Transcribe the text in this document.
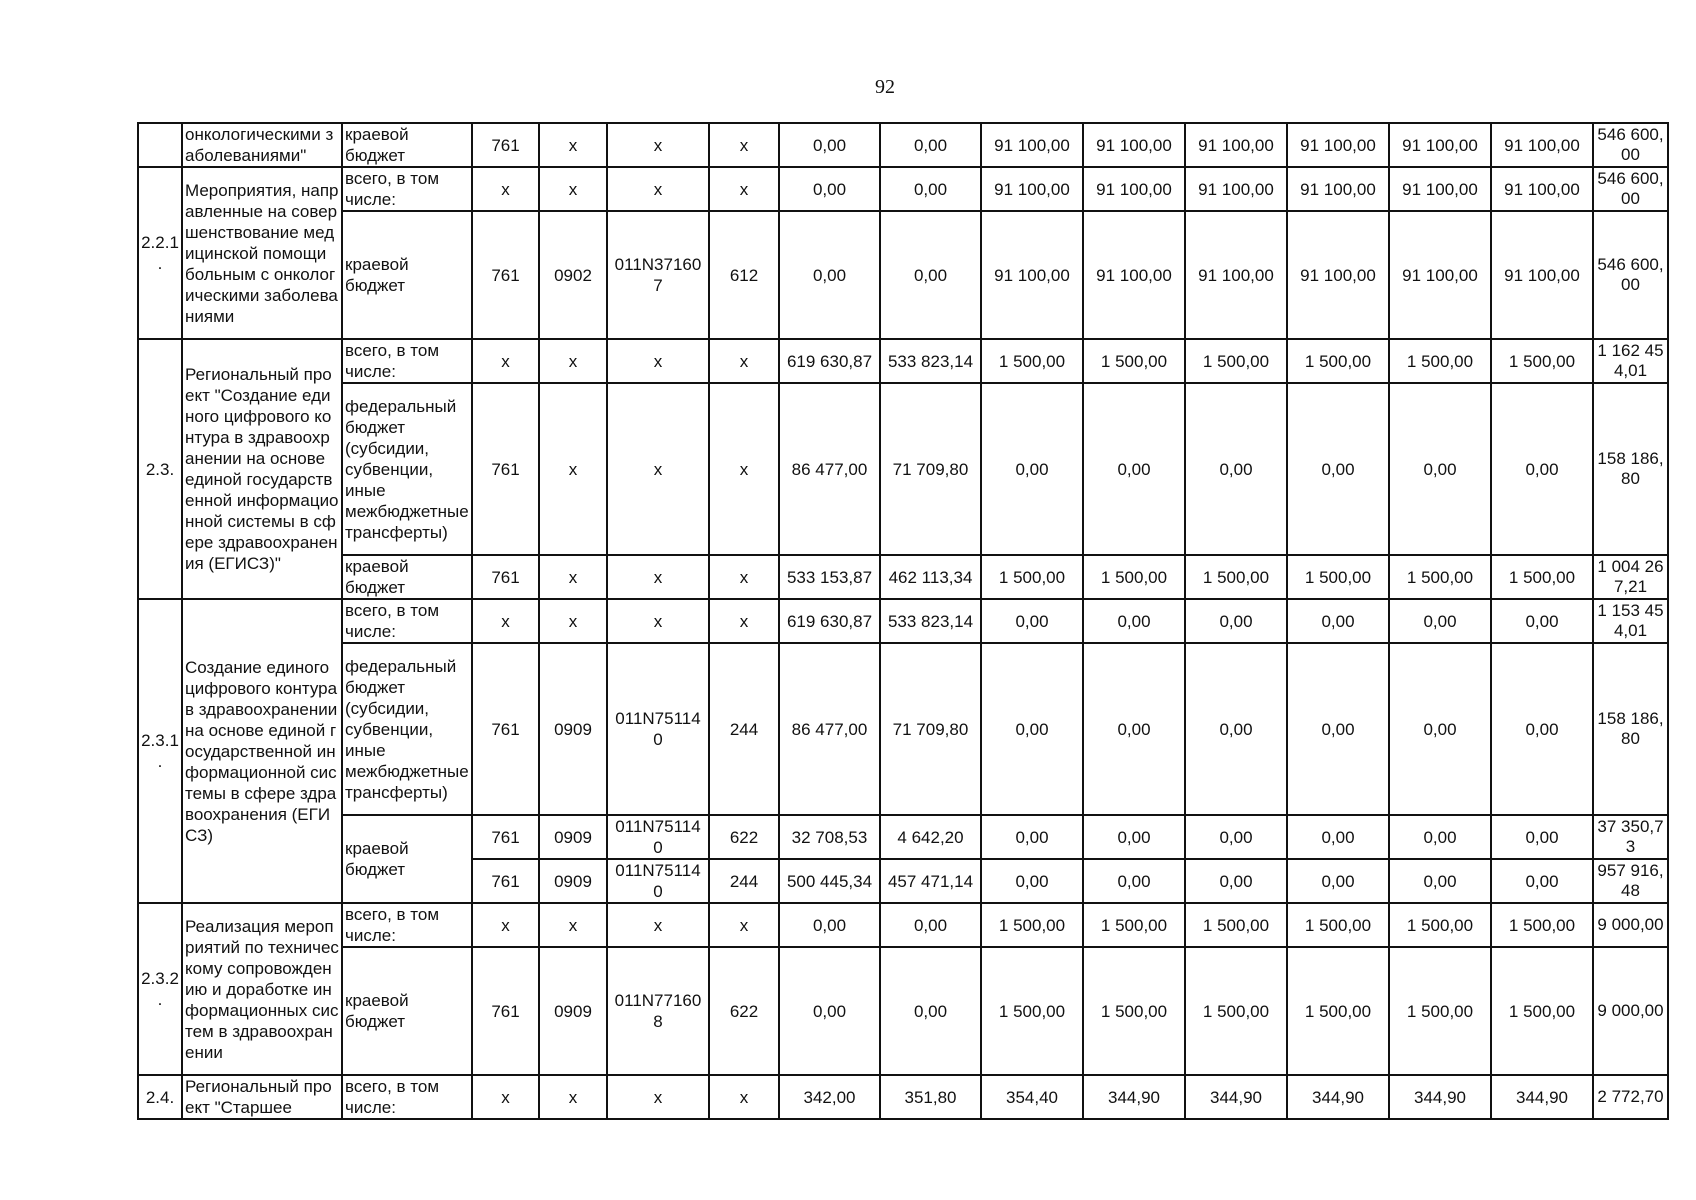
92
	онкологическими заболеваниями"	краевой бюджет	761	x	x	x	0,00	0,00	91 100,00	91 100,00	91 100,00	91 100,00	91 100,00	91 100,00	546 600, 00
2.2.1 .	Мероприятия, направленные на совершенствование медицинской помощи больным с онкологическими заболеваниями	всего, в том числе:	x	x	x	x	0,00	0,00	91 100,00	91 100,00	91 100,00	91 100,00	91 100,00	91 100,00	546 600, 00
		краевой бюджет	761	0902	011N37160 7	612	0,00	0,00	91 100,00	91 100,00	91 100,00	91 100,00	91 100,00	91 100,00	546 600, 00
2.3.	Региональный проект "Создание единого цифрового контура в здравоохранении на основе единой государственной информационной системы в сфере здравоохранения (ЕГИСЗ)"	всего, в том числе:	x	x	x	x	619 630,87	533 823,14	1 500,00	1 500,00	1 500,00	1 500,00	1 500,00	1 500,00	1 162 45 4,01
		федеральный бюджет (субсидии, субвенции, иные межбюджетные трансферты)	761	x	x	x	86 477,00	71 709,80	0,00	0,00	0,00	0,00	0,00	0,00	158 186, 80
		краевой бюджет	761	x	x	x	533 153,87	462 113,34	1 500,00	1 500,00	1 500,00	1 500,00	1 500,00	1 500,00	1 004 26 7,21
2.3.1 .	Создание единого цифрового контура в здравоохранении на основе единой государственной информационной системы в сфере здравоохранения (ЕГИСЗ)	всего, в том числе:	x	x	x	x	619 630,87	533 823,14	0,00	0,00	0,00	0,00	0,00	0,00	1 153 45 4,01
		федеральный бюджет (субсидии, субвенции, иные межбюджетные трансферты)	761	0909	011N75114 0	244	86 477,00	71 709,80	0,00	0,00	0,00	0,00	0,00	0,00	158 186, 80
		краевой бюджет	761	0909	011N75114 0	622	32 708,53	4 642,20	0,00	0,00	0,00	0,00	0,00	0,00	37 350,7 3
			761	0909	011N75114 0	244	500 445,34	457 471,14	0,00	0,00	0,00	0,00	0,00	0,00	957 916, 48
2.3.2 .	Реализация мероприятий по техническому сопровождению и доработке информационных систем в здравоохранении	всего, в том числе:	x	x	x	x	0,00	0,00	1 500,00	1 500,00	1 500,00	1 500,00	1 500,00	1 500,00	9 000,00
		краевой бюджет	761	0909	011N77160 8	622	0,00	0,00	1 500,00	1 500,00	1 500,00	1 500,00	1 500,00	1 500,00	9 000,00
2.4.	Региональный проект "Старшее	всего, в том числе:	x	x	x	x	342,00	351,80	354,40	344,90	344,90	344,90	344,90	344,90	2 772,70
